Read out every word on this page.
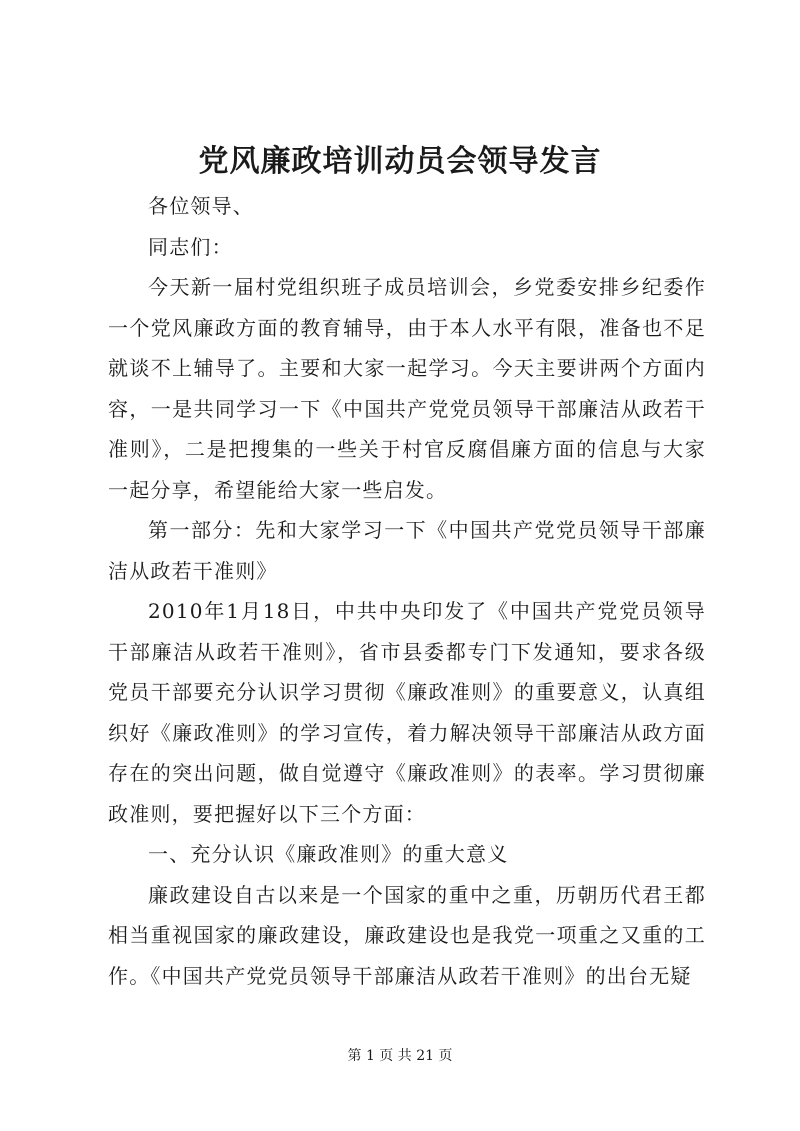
党风廉政培训动员会领导发言

各位领导、

同志们：

今天新一届村党组织班子成员培训会，乡党委安排乡纪委作一个党风廉政方面的教育辅导，由于本人水平有限，准备也不足就谈不上辅导了。主要和大家一起学习。今天主要讲两个方面内容，一是共同学习一下《中国共产党党员领导干部廉洁从政若干准则》，二是把搜集的一些关于村官反腐倡廉方面的信息与大家一起分享，希望能给大家一些启发。

第一部分：先和大家学习一下《中国共产党党员领导干部廉洁从政若干准则》

2010年1月18日，中共中央印发了《中国共产党党员领导干部廉洁从政若干准则》，省市县委都专门下发通知，要求各级党员干部要充分认识学习贯彻《廉政准则》的重要意义，认真组织好《廉政准则》的学习宣传，着力解决领导干部廉洁从政方面存在的突出问题，做自觉遵守《廉政准则》的表率。学习贯彻廉政准则，要把握好以下三个方面：

一、充分认识《廉政准则》的重大意义

廉政建设自古以来是一个国家的重中之重，历朝历代君王都相当重视国家的廉政建设，廉政建设也是我党一项重之又重的工作。《中国共产党党员领导干部廉洁从政若干准则》的出台无疑

第 1 页 共 21 页
